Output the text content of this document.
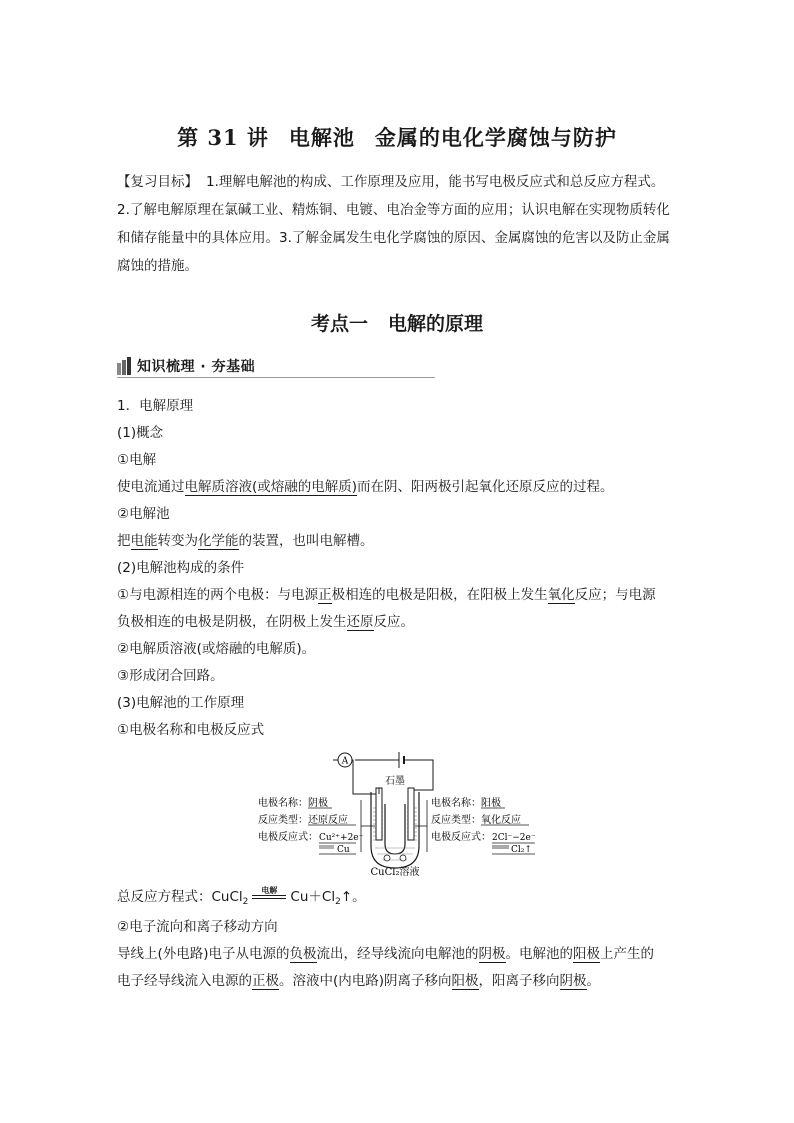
第 31 讲 电解池 金属的电化学腐蚀与防护
【复习目标】 1.理解电解池的构成、工作原理及应用，能书写电极反应式和总反应方程式。
2.了解电解原理在氯碱工业、精炼铜、电镀、电冶金等方面的应用；认识电解在实现物质转化和储存能量中的具体应用。3.了解金属发生电化学腐蚀的原因、金属腐蚀的危害以及防止金属腐蚀的措施。
考点一 电解的原理
知识梳理 · 夯基础
1．电解原理
(1)概念
①电解
使电流通过电解质溶液(或熔融的电解质)而在阴、阳两极引起氧化还原反应的过程。
②电解池
把电能转变为化学能的装置，也叫电解槽。
(2)电解池构成的条件
①与电源相连的两个电极：与电源正极相连的电极是阳极，在阳极上发生氧化反应；与电源
负极相连的电极是阴极，在阴极上发生还原反应。
②电解质溶液(或熔融的电解质)。
③形成闭合回路。
(3)电解池的工作原理
①电极名称和电极反应式
A
石墨
CuCl₂溶液
电极名称： 阴极
反应类型： 还原反应
电极反应式： Cu²⁺+2e⁻
Cu
电极名称： 阳极
反应类型： 氧化反应
电极反应式： 2Cl⁻−2e⁻
Cl₂↑
总反应方程式：CuCl$_2$
电解 $Cu+Cl_2↑$。
②电子流向和离子移动方向
导线上(外电路)电子从电源的负极流出，经导线流向电解池的阴极。电解池的阳极上产生的
电子经导线流入电源的正极。溶液中(内电路)阴离子移向阳极，阳离子移向阴极。
